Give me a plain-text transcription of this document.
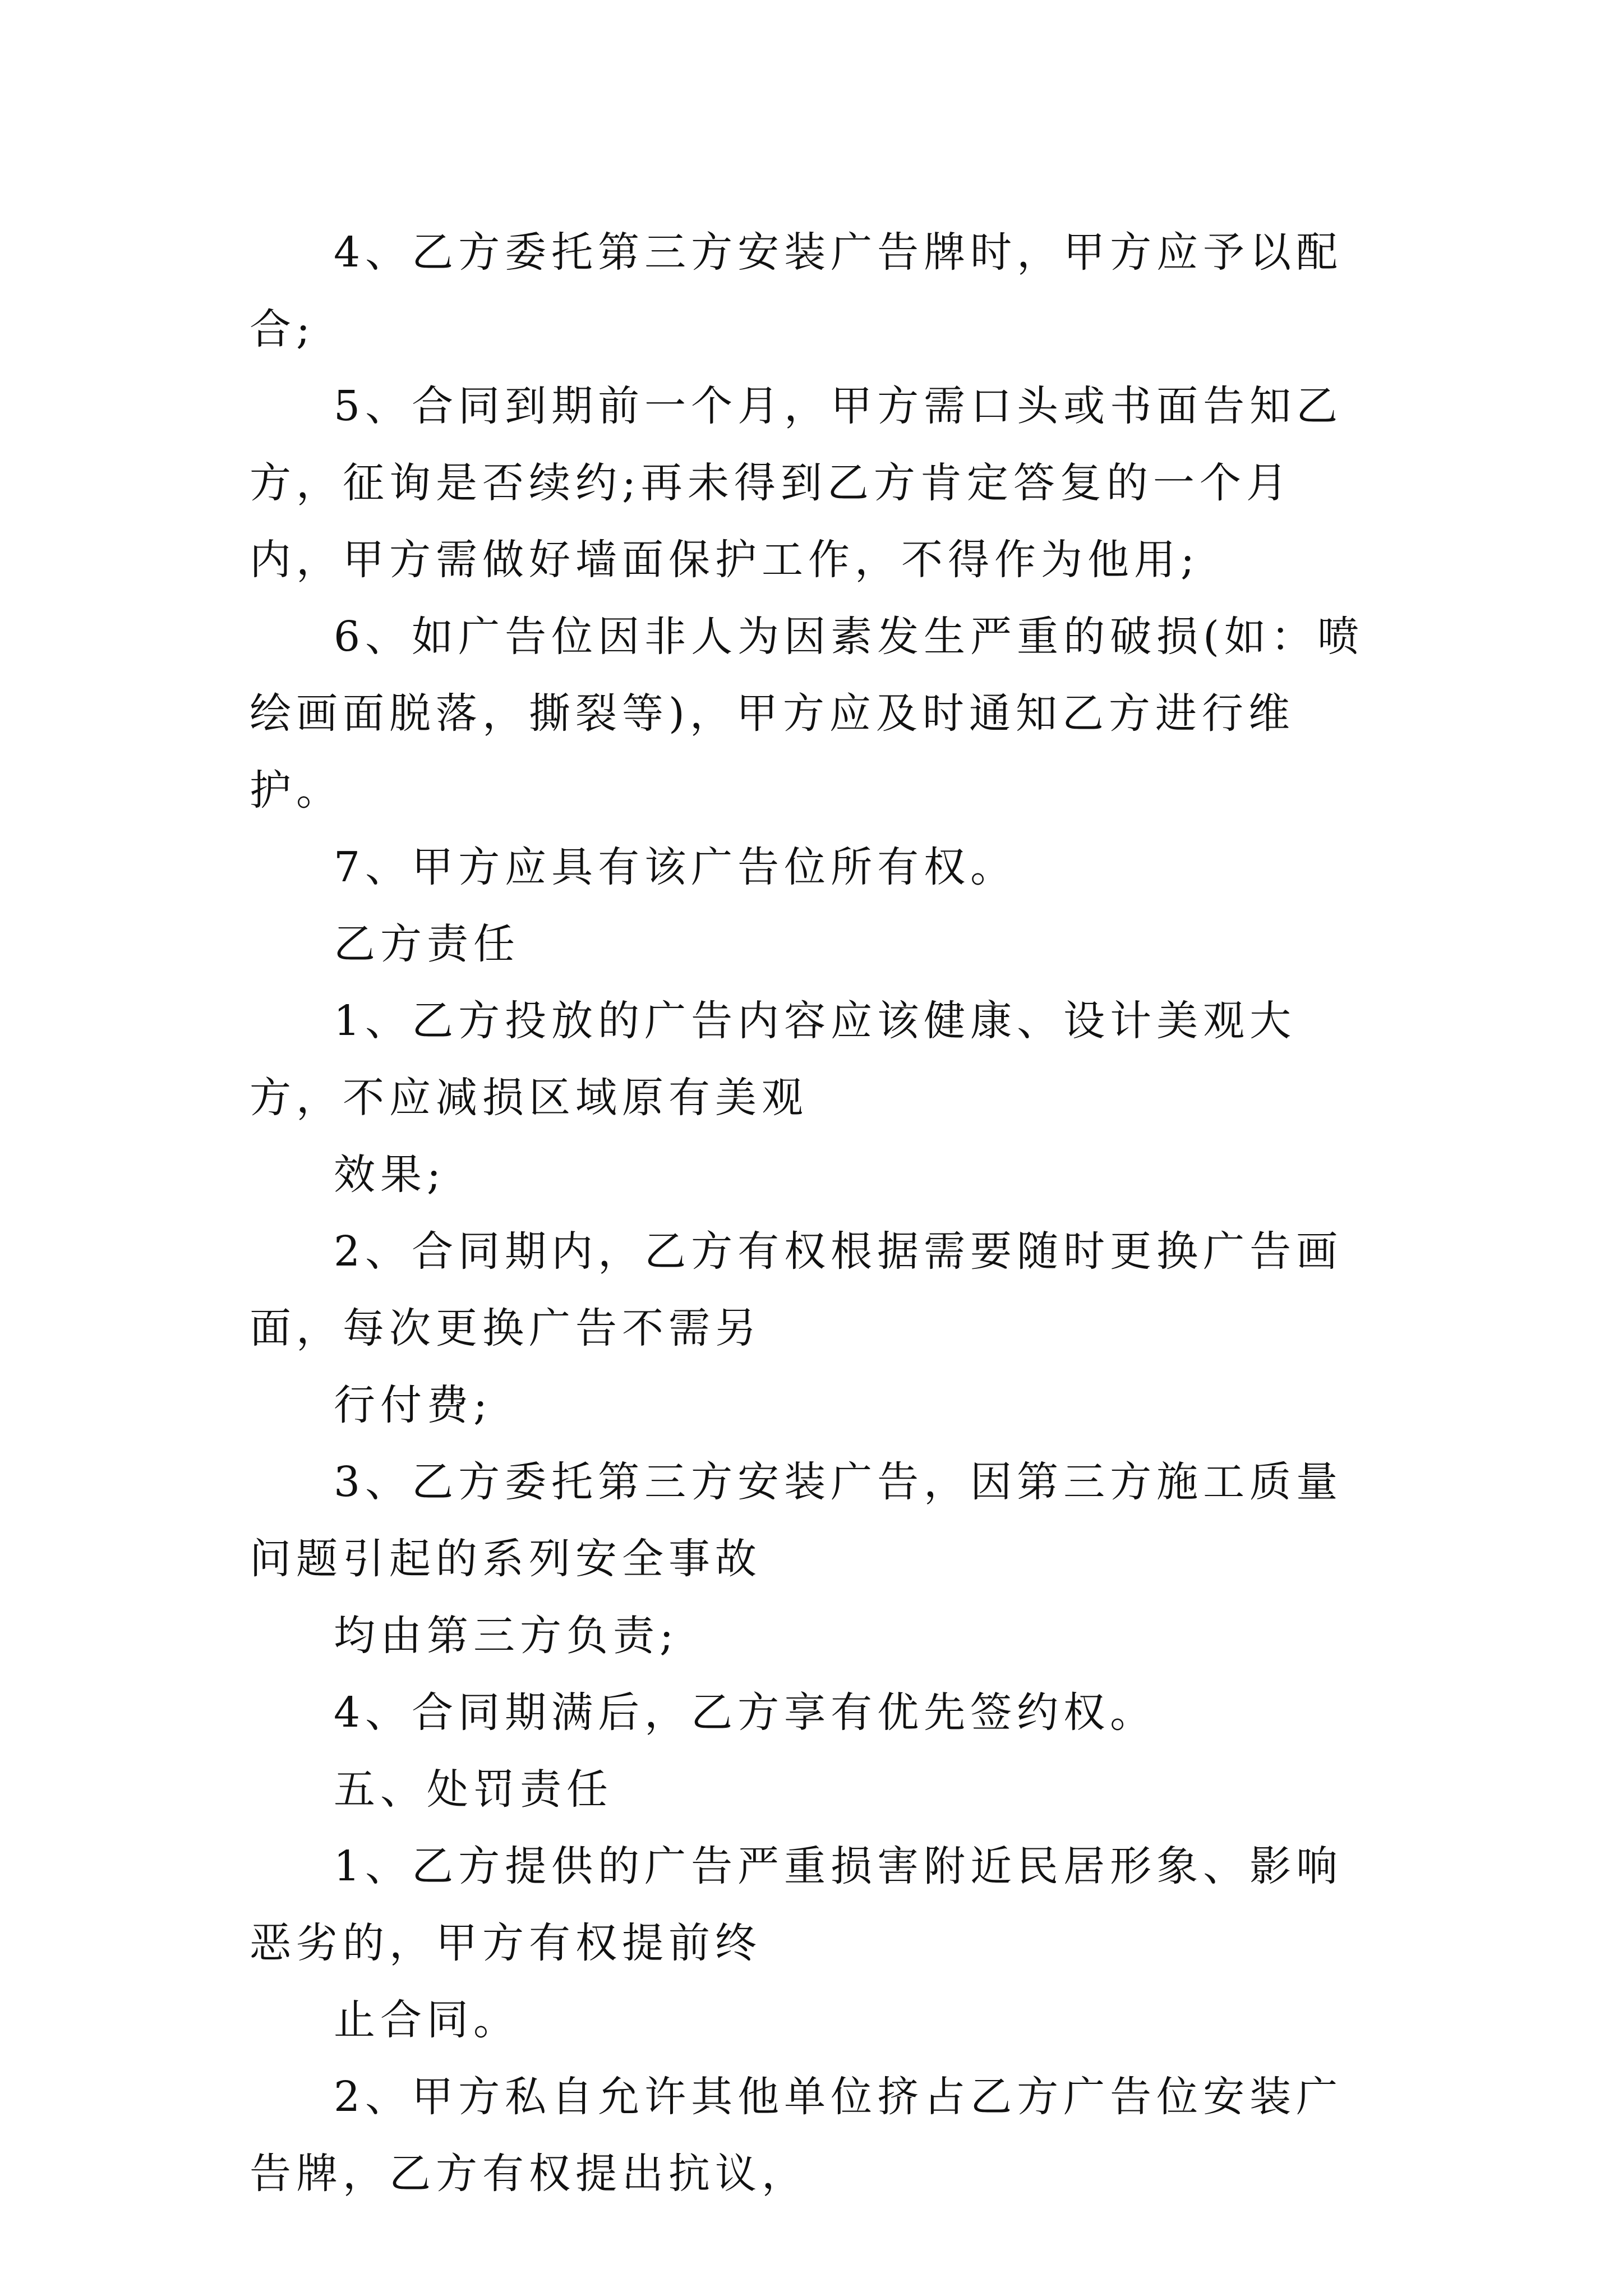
4、乙方委托第三方安装广告牌时，甲方应予以配合;

5、合同到期前一个月，甲方需口头或书面告知乙方，征询是否续约;再未得到乙方肯定答复的一个月内，甲方需做好墙面保护工作，不得作为他用;

6、如广告位因非人为因素发生严重的破损(如：喷绘画面脱落，撕裂等)，甲方应及时通知乙方进行维护。

7、甲方应具有该广告位所有权。

乙方责任

1、乙方投放的广告内容应该健康、设计美观大方，不应减损区域原有美观

效果;

2、合同期内，乙方有权根据需要随时更换广告画面，每次更换广告不需另

行付费;

3、乙方委托第三方安装广告，因第三方施工质量问题引起的系列安全事故

均由第三方负责;

4、合同期满后，乙方享有优先签约权。

五、处罚责任

1、乙方提供的广告严重损害附近民居形象、影响恶劣的，甲方有权提前终

止合同。

2、甲方私自允许其他单位挤占乙方广告位安装广告牌，乙方有权提出抗议，
